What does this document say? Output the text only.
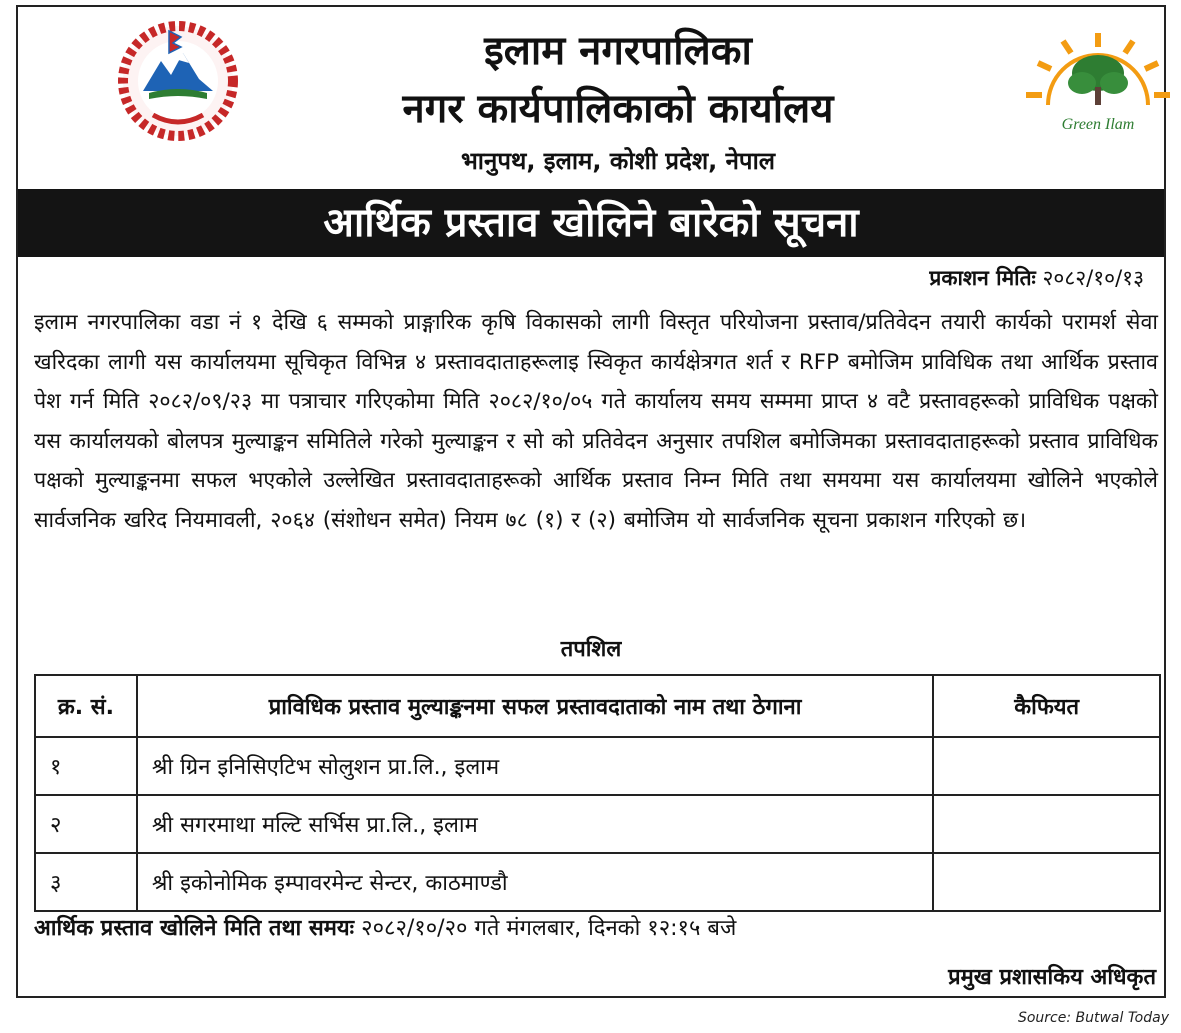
इलाम नगरपालिका
नगर कार्यपालिकाको कार्यालय
भानुपथ, इलाम, कोशी प्रदेश, नेपाल
Green Ilam
आर्थिक प्रस्ताव खोलिने बारेको सूचना
प्रकाशन मितिः २०८२/१०/१३

इलाम नगरपालिका वडा नं १ देखि ६ सम्मको प्राङ्गारिक कृषि विकासको लागी विस्तृत परियोजना प्रस्ताव/प्रतिवेदन तयारी कार्यको परामर्श सेवा खरिदका लागी यस कार्यालयमा सूचिकृत विभिन्न ४ प्रस्तावदाताहरूलाइ स्विकृत कार्यक्षेत्रगत शर्त र RFP बमोजिम प्राविधिक तथा आर्थिक प्रस्ताव पेश गर्न मिति २०८२/०९/२३ मा पत्राचार गरिएकोमा मिति २०८२/१०/०५ गते कार्यालय समय सम्ममा प्राप्त ४ वटै प्रस्तावहरूको प्राविधिक पक्षको यस कार्यालयको बोलपत्र मुल्याङ्कन समितिले गरेको मुल्याङ्कन र सो को प्रतिवेदन अनुसार तपशिल बमोजिमका प्रस्तावदाताहरूको प्रस्ताव प्राविधिक पक्षको मुल्याङ्कनमा सफल भएकोले उल्लेखित प्रस्तावदाताहरूको आर्थिक प्रस्ताव निम्न मिति तथा समयमा यस कार्यालयमा खोलिने भएकोले सार्वजनिक खरिद नियमावली, २०६४ (संशोधन समेत) नियम ७८ (१) र (२) बमोजिम यो सार्वजनिक सूचना प्रकाशन गरिएको छ।

तपशिल
क्र. सं.	प्राविधिक प्रस्ताव मुल्याङ्कनमा सफल प्रस्तावदाताको नाम तथा ठेगाना	कैफियत
१	श्री ग्रिन इनिसिएटिभ सोलुशन प्रा.लि., इलाम	
२	श्री सगरमाथा मल्टि सर्भिस प्रा.लि., इलाम	
३	श्री इकोनोमिक इम्पावरमेन्ट सेन्टर, काठमाण्डौ	
आर्थिक प्रस्ताव खोलिने मिति तथा समयः २०८२/१०/२० गते मंगलबार, दिनको १२:१५ बजे
प्रमुख प्रशासकिय अधिकृत
Source: Butwal Today
